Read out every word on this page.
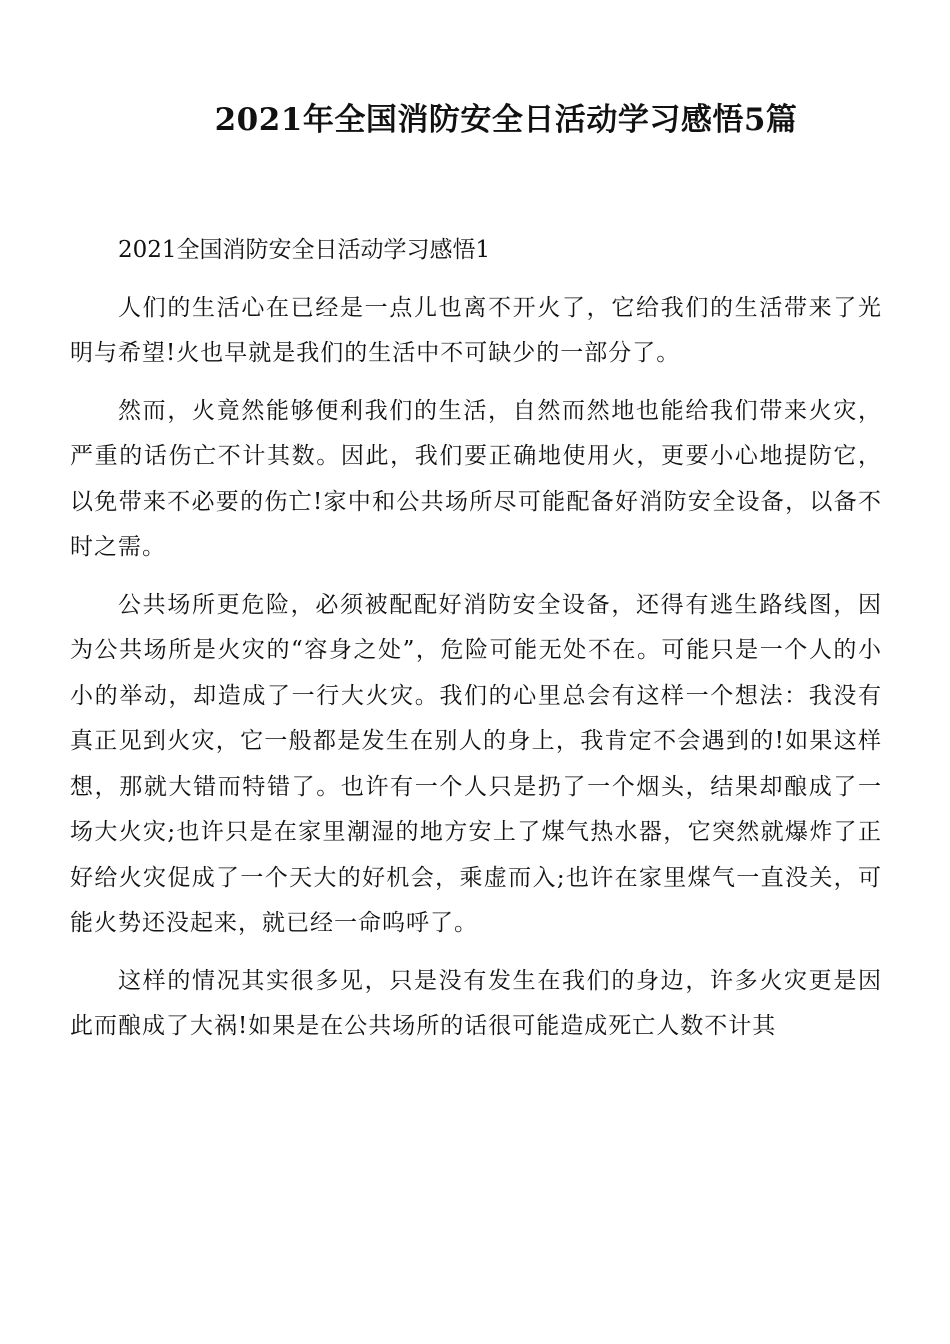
2021年全国消防安全日活动学习感悟5篇

2021全国消防安全日活动学习感悟1

人们的生活心在已经是一点儿也离不开火了，它给我们的生活带来了光明与希望!火也早就是我们的生活中不可缺少的一部分了。

然而，火竟然能够便利我们的生活，自然而然地也能给我们带来火灾，严重的话伤亡不计其数。因此，我们要正确地使用火，更要小心地提防它，以免带来不必要的伤亡!家中和公共场所尽可能配备好消防安全设备，以备不时之需。

公共场所更危险，必须被配配好消防安全设备，还得有逃生路线图，因为公共场所是火灾的“容身之处”，危险可能无处不在。可能只是一个人的小小的举动，却造成了一行大火灾。我们的心里总会有这样一个想法：我没有真正见到火灾，它一般都是发生在别人的身上，我肯定不会遇到的!如果这样想，那就大错而特错了。也许有一个人只是扔了一个烟头，结果却酿成了一场大火灾;也许只是在家里潮湿的地方安上了煤气热水器，它突然就爆炸了正好给火灾促成了一个天大的好机会，乘虚而入;也许在家里煤气一直没关，可能火势还没起来，就已经一命呜呼了。

这样的情况其实很多见，只是没有发生在我们的身边，许多火灾更是因此而酿成了大祸!如果是在公共场所的话很可能造成死亡人数不计其
